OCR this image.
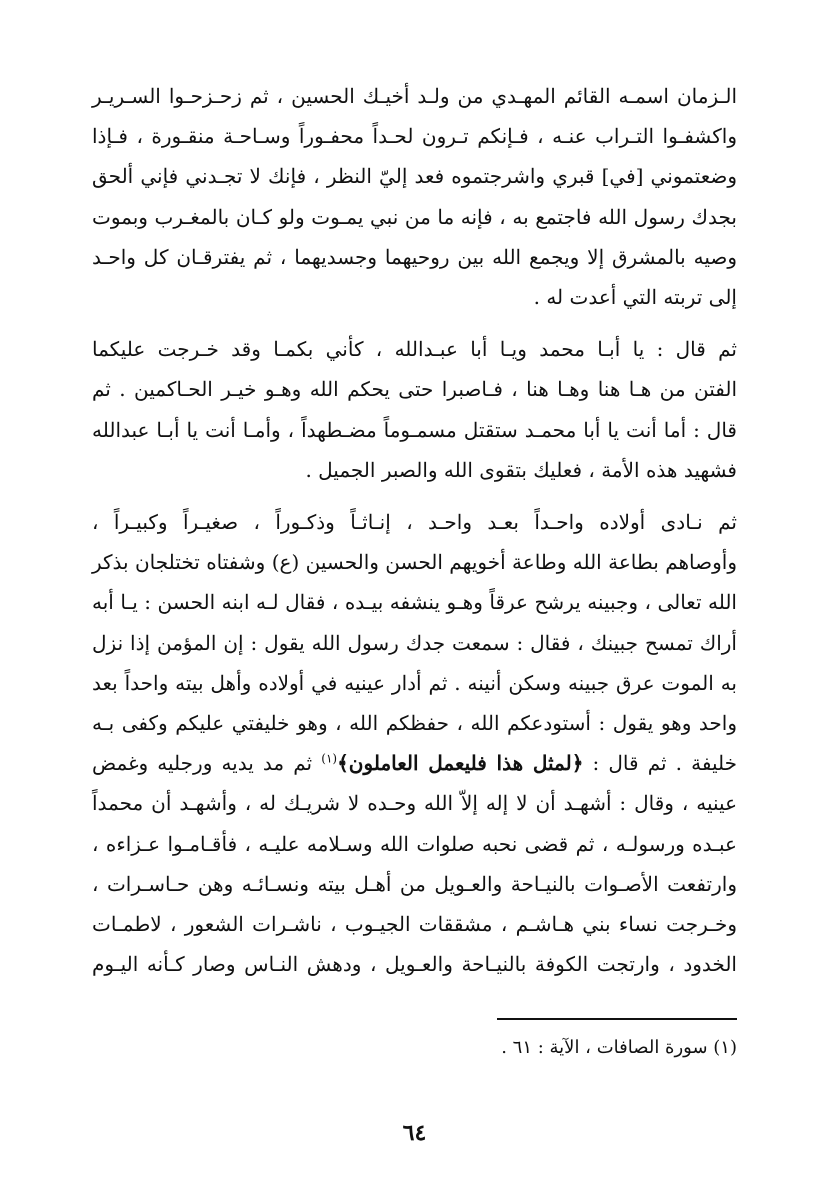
الـزمان اسمـه القائم المهـدي من ولـد أخيـك الحسين ، ثم زحـزحـوا السـريـر
واكشفـوا التـراب عنـه ، فـإنكم تـرون لحـداً محفـوراً وسـاحـة منقـورة ، فـإذا
وضعتموني [في] قبري واشرجتموه فعد إليّ النظر ، فإنك لا تجـدني فإني ألحق
بجدك رسول الله فاجتمع به ، فإنه ما من نبي يمـوت ولو كـان بالمغـرب وبموت
وصيه بالمشرق إلا ويجمع الله بين روحيهما وجسديهما ، ثم يفترقـان كل واحـد
إلى تربته التي أعدت له .

ثم قال : يا أبـا محمد ويـا أبا عبـدالله ، كأني بكمـا وقد خـرجت عليكما
الفتن من هـا هنا وهـا هنا ، فـاصبرا حتى يحكم الله وهـو خيـر الحـاكمين . ثم
قال : أما أنت يا أبا محمـد ستقتل مسمـوماً مضـطهداً ، وأمـا أنت يا أبـا عبدالله
فشهيد هذه الأمة ، فعليك بتقوى الله والصبر الجميل .

ثم نـادى أولاده واحـداً بعـد واحـد ، إنـاثـاً وذكـوراً ، صغيـراً وكبيـراً ،
وأوصاهم بطاعة الله وطاعة أخويهم الحسن والحسين (ع) وشفتاه تختلجان بذكر
الله تعالى ، وجبينه يرشح عرقاً وهـو ينشفه بيـده ، فقال لـه ابنه الحسن : يـا أبه
أراك تمسح جبينك ، فقال : سمعت جدك رسول الله يقول : إن المؤمن إذا نزل
به الموت عرق جبينه وسكن أنينه . ثم أدار عينيه في أولاده وأهل بيته واحداً بعد
واحد وهو يقول : أستودعكم الله ، حفظكم الله ، وهو خليفتي عليكم وكفى بـه
خليفة . ثم قال : ﴿لمثل هذا فليعمل العاملون﴾$^{(١)}$ ثم مد يديه ورجليه وغمض
عينيه ، وقال : أشهـد أن لا إله إلاّ الله وحـده لا شريـك له ، وأشهـد أن محمداً
عبـده ورسولـه ، ثم قضى نحبه صلوات الله وسـلامه عليـه ، فأقـامـوا عـزاءه ،
وارتفعت الأصـوات بالنيـاحة والعـويل من أهـل بيته ونسـائـه وهن حـاسـرات ،
وخـرجت نساء بني هـاشـم ، مشققات الجيـوب ، ناشـرات الشعور ، لاطمـات
الخدود ، وارتجت الكوفة بالنيـاحة والعـويل ، ودهش النـاس وصار كـأنه اليـوم

(١) سورة الصافات ، الآية : ٦١ .
٦٤
